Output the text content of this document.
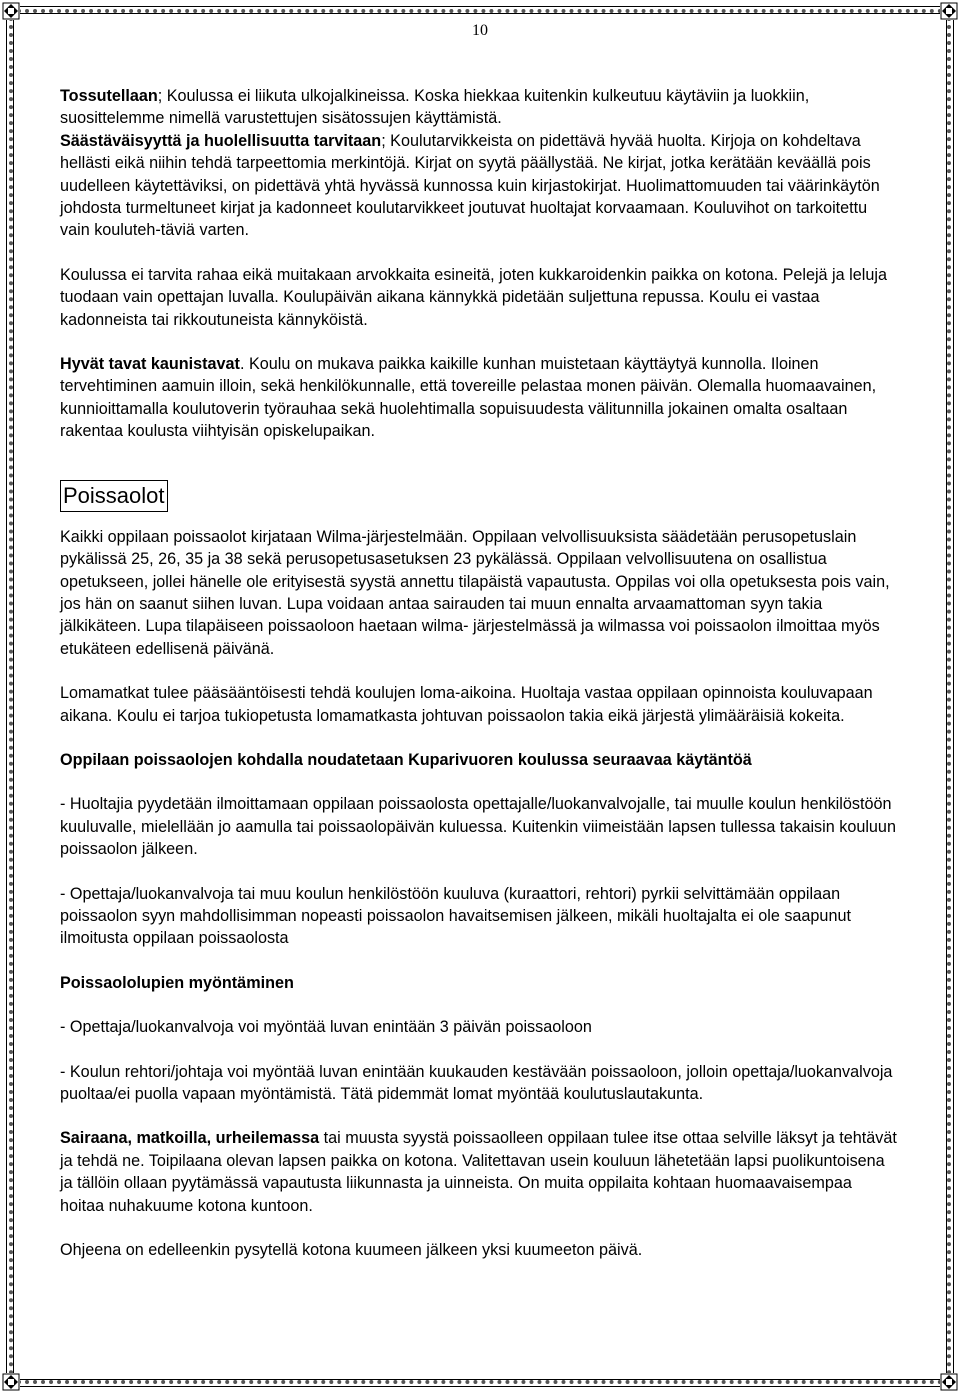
10

Tossutellaan; Koulussa ei liikuta ulkojalkineissa. Koska hiekkaa kuitenkin kulkeutuu käytäviin ja luokkiin, suosittelemme nimellä varustettujen sisätossujen käyttämistä.

Säästäväisyyttä ja huolellisuutta tarvitaan; Koulutarvikkeista on pidettävä hyvää huolta. Kirjoja on kohdeltava hellästi eikä niihin tehdä tarpeettomia merkintöjä. Kirjat on syytä päällystää. Ne kirjat, jotka kerätään keväällä pois uudelleen käytettäviksi, on pidettävä yhtä hyvässä kunnossa kuin kirjastokirjat. Huolimattomuuden tai väärinkäytön johdosta turmeltuneet kirjat ja kadonneet koulutarvikkeet joutuvat huoltajat korvaamaan. Kouluvihot on tarkoitettu vain kouluteh-täviä varten.

Koulussa ei tarvita rahaa eikä muitakaan arvokkaita esineitä, joten kukkaroidenkin paikka on kotona. Pelejä ja leluja tuodaan vain opettajan luvalla. Koulupäivän aikana kännykkä pidetään suljettuna repussa. Koulu ei vastaa kadonneista tai rikkoutuneista kännyköistä.

Hyvät tavat kaunistavat. Koulu on mukava paikka kaikille kunhan muistetaan käyttäytyä kunnolla. Iloinen tervehtiminen aamuin illoin, sekä henkilökunnalle, että tovereille pelastaa monen päivän. Olemalla huomaavainen, kunnioittamalla koulutoverin työrauhaa sekä huolehtimalla sopuisuudesta välitunnilla jokainen omalta osaltaan rakentaa koulusta viihtyisän opiskelupaikan.

Poissaolot

Kaikki oppilaan poissaolot kirjataan Wilma-järjestelmään. Oppilaan velvollisuuksista säädetään perusopetuslain pykälissä 25, 26, 35 ja 38 sekä perusopetusasetuksen 23 pykälässä. Oppilaan velvollisuutena on osallistua opetukseen, jollei hänelle ole erityisestä syystä annettu tilapäistä vapautusta. Oppilas voi olla opetuksesta pois vain, jos hän on saanut siihen luvan. Lupa voidaan antaa sairauden tai muun ennalta arvaamattoman syyn takia jälkikäteen. Lupa tilapäiseen poissaoloon haetaan wilma- järjestelmässä ja wilmassa voi poissaolon ilmoittaa myös etukäteen edellisenä päivänä.

Lomamatkat tulee pääsääntöisesti tehdä koulujen loma-aikoina. Huoltaja vastaa oppilaan opinnoista kouluvapaan aikana. Koulu ei tarjoa tukiopetusta lomamatkasta johtuvan poissaolon takia eikä järjestä ylimääräisiä kokeita.

Oppilaan poissaolojen kohdalla noudatetaan Kuparivuoren koulussa seuraavaa käytäntöä

- Huoltajia pyydetään ilmoittamaan oppilaan poissaolosta opettajalle/luokanvalvojalle, tai muulle koulun henkilöstöön kuuluvalle, mielellään jo aamulla tai poissaolopäivän kuluessa. Kuitenkin viimeistään lapsen tullessa takaisin kouluun poissaolon jälkeen.

- Opettaja/luokanvalvoja tai muu koulun henkilöstöön kuuluva (kuraattori, rehtori) pyrkii selvittämään oppilaan poissaolon syyn mahdollisimman nopeasti poissaolon havaitsemisen jälkeen, mikäli huoltajalta ei ole saapunut ilmoitusta oppilaan poissaolosta

Poissaololupien myöntäminen

- Opettaja/luokanvalvoja voi myöntää luvan enintään 3 päivän poissaoloon

- Koulun rehtori/johtaja voi myöntää luvan enintään kuukauden kestävään poissaoloon, jolloin opettaja/luokanvalvoja puoltaa/ei puolla vapaan myöntämistä. Tätä pidemmät lomat myöntää koulutuslautakunta.

Sairaana, matkoilla, urheilemassa tai muusta syystä poissaolleen oppilaan tulee itse ottaa selville läksyt ja tehtävät ja tehdä ne. Toipilaana olevan lapsen paikka on kotona. Valitettavan usein kouluun lähetetään lapsi puolikuntoisena ja tällöin ollaan pyytämässä vapautusta liikunnasta ja uinneista. On muita oppilaita kohtaan huomaavaisempaa hoitaa nuhakuume kotona kuntoon.

Ohjeena on edelleenkin pysytellä kotona kuumeen jälkeen yksi kuumeeton päivä.
